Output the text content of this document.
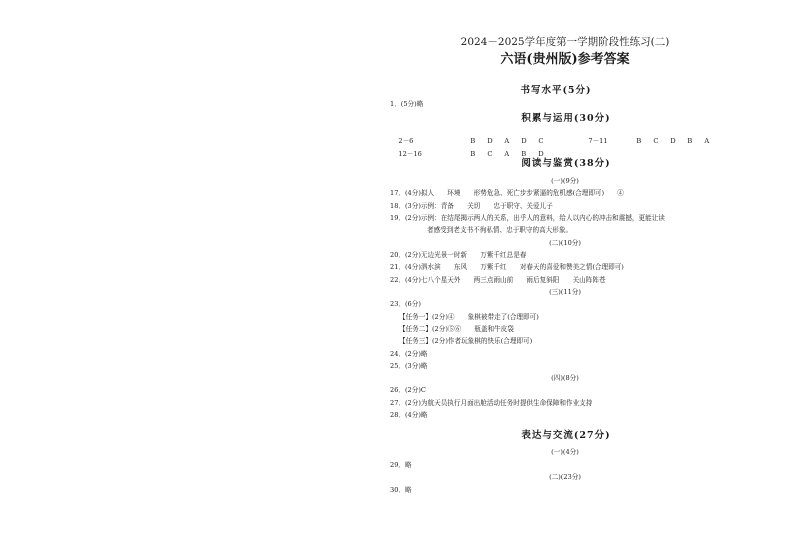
2024－2025学年度第一学期阶段性练习(二)
六语(贵州版)参考答案
书写水平(5分)
1．(5分)略
积累与运用(30分)

2－6	B D A D C	7－11	B C D B A

12－16	B C A B D

阅读与鉴赏(38分)
(一)(9分)
17．(4分)拟人　　环境　　形势危急、死亡步步紧逼的危机感(合理即可)　　④
18．(3分)示例：青备　　关切　　忠于职守、关爱儿子
19．(2分)示例：在结尾揭示两人的关系，出乎人的意料，给人以内心的冲击和震撼，更能让读
者感受到老支书不徇私情、忠于职守的高大形象。
(二)(10分)
20．(2分)无边光景一时新　　万紫千红总是春
21．(4分)泗水滨　　东风　　万紫千红　　对春天的喜爱和赞美之情(合理即可)
22．(4分)七八个星天外　　两三点雨山前　　雨后复斜阳　　关山阵阵苍
(三)(11分)
23．(6分)
【任务一】(2分)④　　象棋被带走了(合理即可)
【任务二】(2分)⑤⑥　　瓶盖和牛皮袋
【任务三】(2分)作者玩象棋的快乐(合理即可)
24．(2分)略
25．(3分)略
(四)(8分)
26．(2分)C
27．(2分)为航天员执行月面出舱活动任务时提供生命保障和作业支持
28．(4分)略
表达与交流(27分)
(一)(4分)
29．略
(二)(23分)
30．略
